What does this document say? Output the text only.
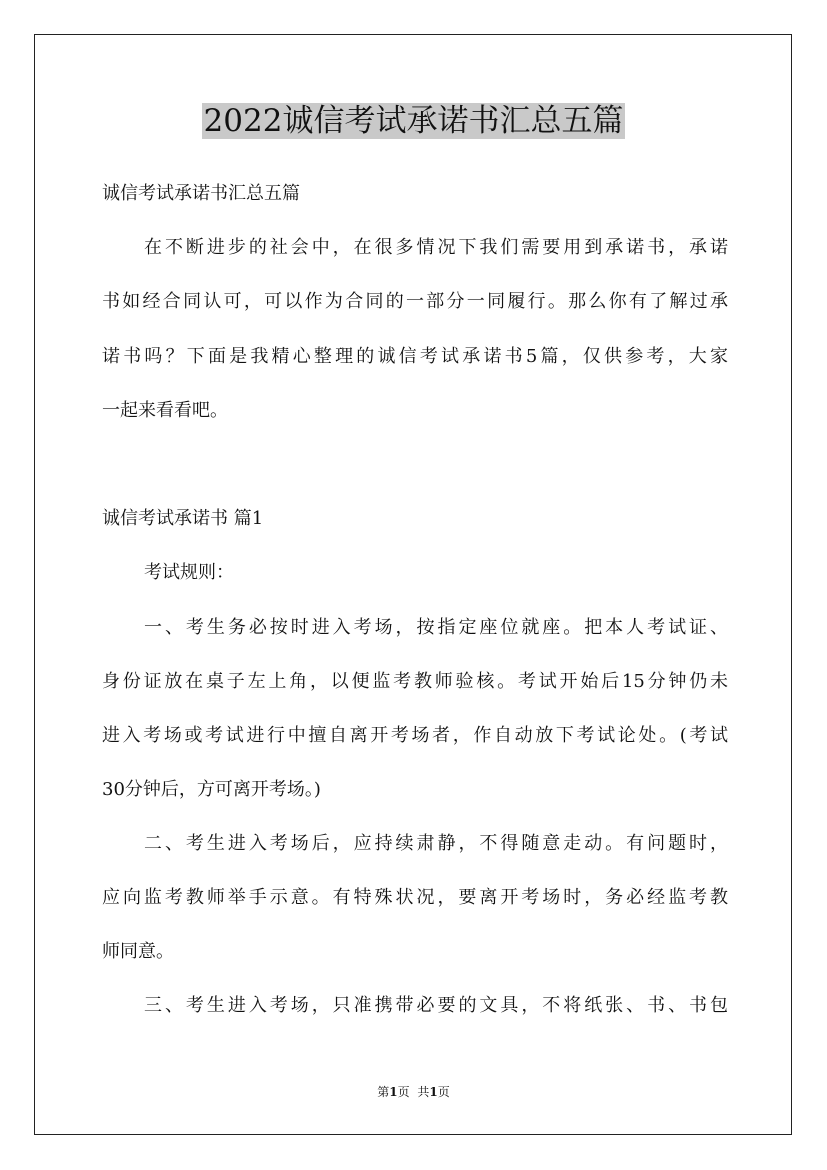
2022诚信考试承诺书汇总五篇

诚信考试承诺书汇总五篇

在不断进步的社会中，在很多情况下我们需要用到承诺书，承诺

书如经合同认可，可以作为合同的一部分一同履行。那么你有了解过承

诺书吗？下面是我精心整理的诚信考试承诺书5篇，仅供参考，大家

一起来看看吧。

诚信考试承诺书 篇1

考试规则：

一、考生务必按时进入考场，按指定座位就座。把本人考试证、

身份证放在桌子左上角，以便监考教师验核。考试开始后15分钟仍未

进入考场或考试进行中擅自离开考场者，作自动放下考试论处。(考试

30分钟后，方可离开考场。)

二、考生进入考场后，应持续肃静，不得随意走动。有问题时，

应向监考教师举手示意。有特殊状况，要离开考场时，务必经监考教

师同意。

三、考生进入考场，只准携带必要的文具，不将纸张、书、书包

第1页 共1页
